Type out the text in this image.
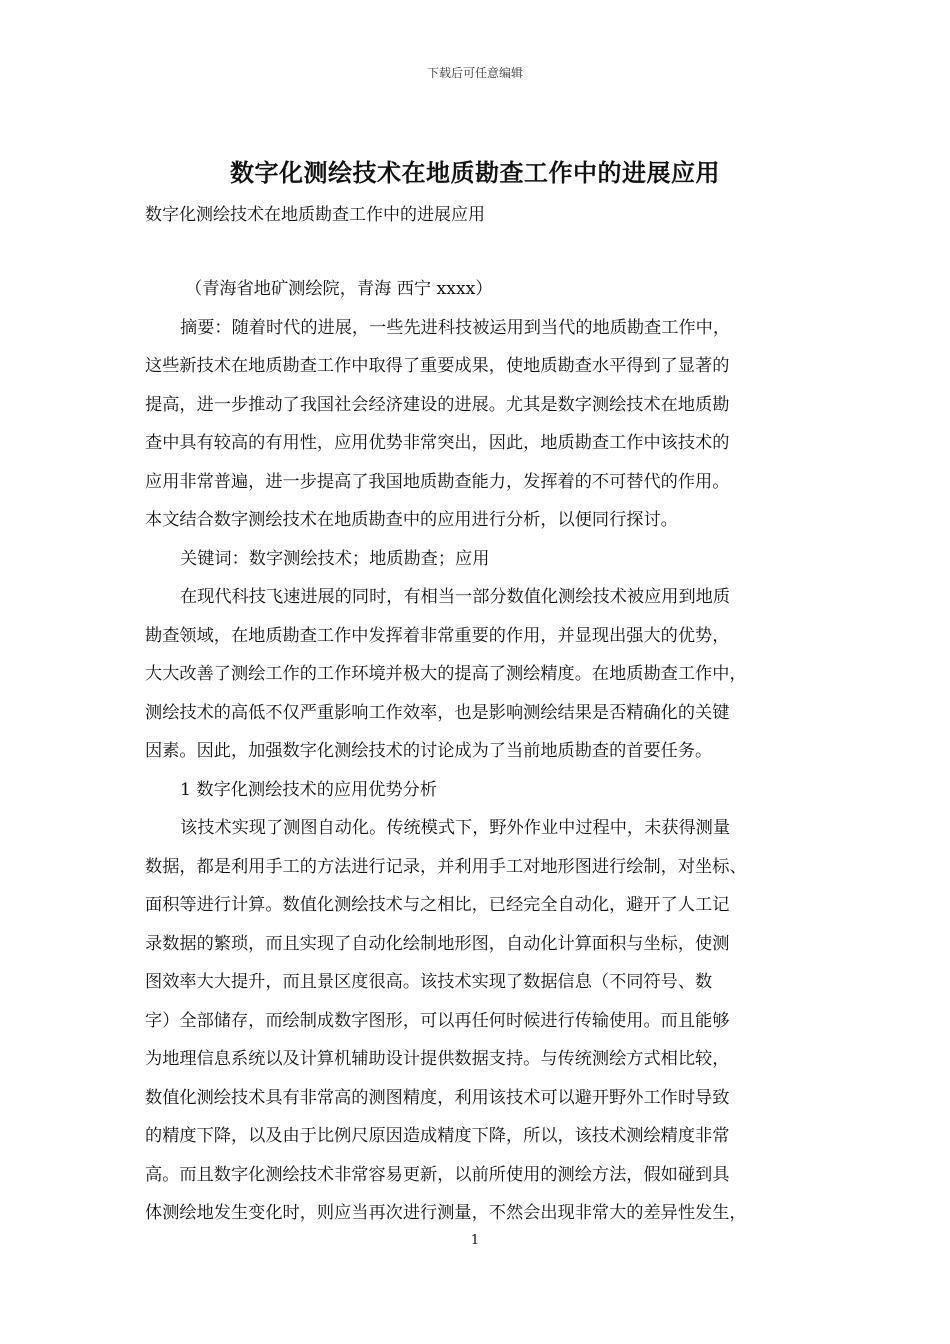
下载后可任意编辑
数字化测绘技术在地质勘查工作中的进展应用
数字化测绘技术在地质勘查工作中的进展应用
（青海省地矿测绘院，青海 西宁 xxxx）
摘要：随着时代的进展，一些先进科技被运用到当代的地质勘查工作中，
这些新技术在地质勘查工作中取得了重要成果，使地质勘查水平得到了显著的
提高，进一步推动了我国社会经济建设的进展。尤其是数字测绘技术在地质勘
查中具有较高的有用性，应用优势非常突出，因此，地质勘查工作中该技术的
应用非常普遍，进一步提高了我国地质勘查能力，发挥着的不可替代的作用。
本文结合数字测绘技术在地质勘查中的应用进行分析，以便同行探讨。
关键词：数字测绘技术；地质勘查；应用
在现代科技飞速进展的同时，有相当一部分数值化测绘技术被应用到地质
勘查领域，在地质勘查工作中发挥着非常重要的作用，并显现出强大的优势，
大大改善了测绘工作的工作环境并极大的提高了测绘精度。在地质勘查工作中，
测绘技术的高低不仅严重影响工作效率，也是影响测绘结果是否精确化的关键
因素。因此，加强数字化测绘技术的讨论成为了当前地质勘查的首要任务。
1 数字化测绘技术的应用优势分析
该技术实现了测图自动化。传统模式下，野外作业中过程中，未获得测量
数据，都是利用手工的方法进行记录，并利用手工对地形图进行绘制，对坐标、
面积等进行计算。数值化测绘技术与之相比，已经完全自动化，避开了人工记
录数据的繁琐，而且实现了自动化绘制地形图，自动化计算面积与坐标，使测
图效率大大提升，而且景区度很高。该技术实现了数据信息（不同符号、数
字）全部储存，而绘制成数字图形，可以再任何时候进行传输使用。而且能够
为地理信息系统以及计算机辅助设计提供数据支持。与传统测绘方式相比较，
数值化测绘技术具有非常高的测图精度，利用该技术可以避开野外工作时导致
的精度下降，以及由于比例尺原因造成精度下降，所以，该技术测绘精度非常
高。而且数字化测绘技术非常容易更新，以前所使用的测绘方法，假如碰到具
体测绘地发生变化时，则应当再次进行测量，不然会出现非常大的差异性发生，
1
